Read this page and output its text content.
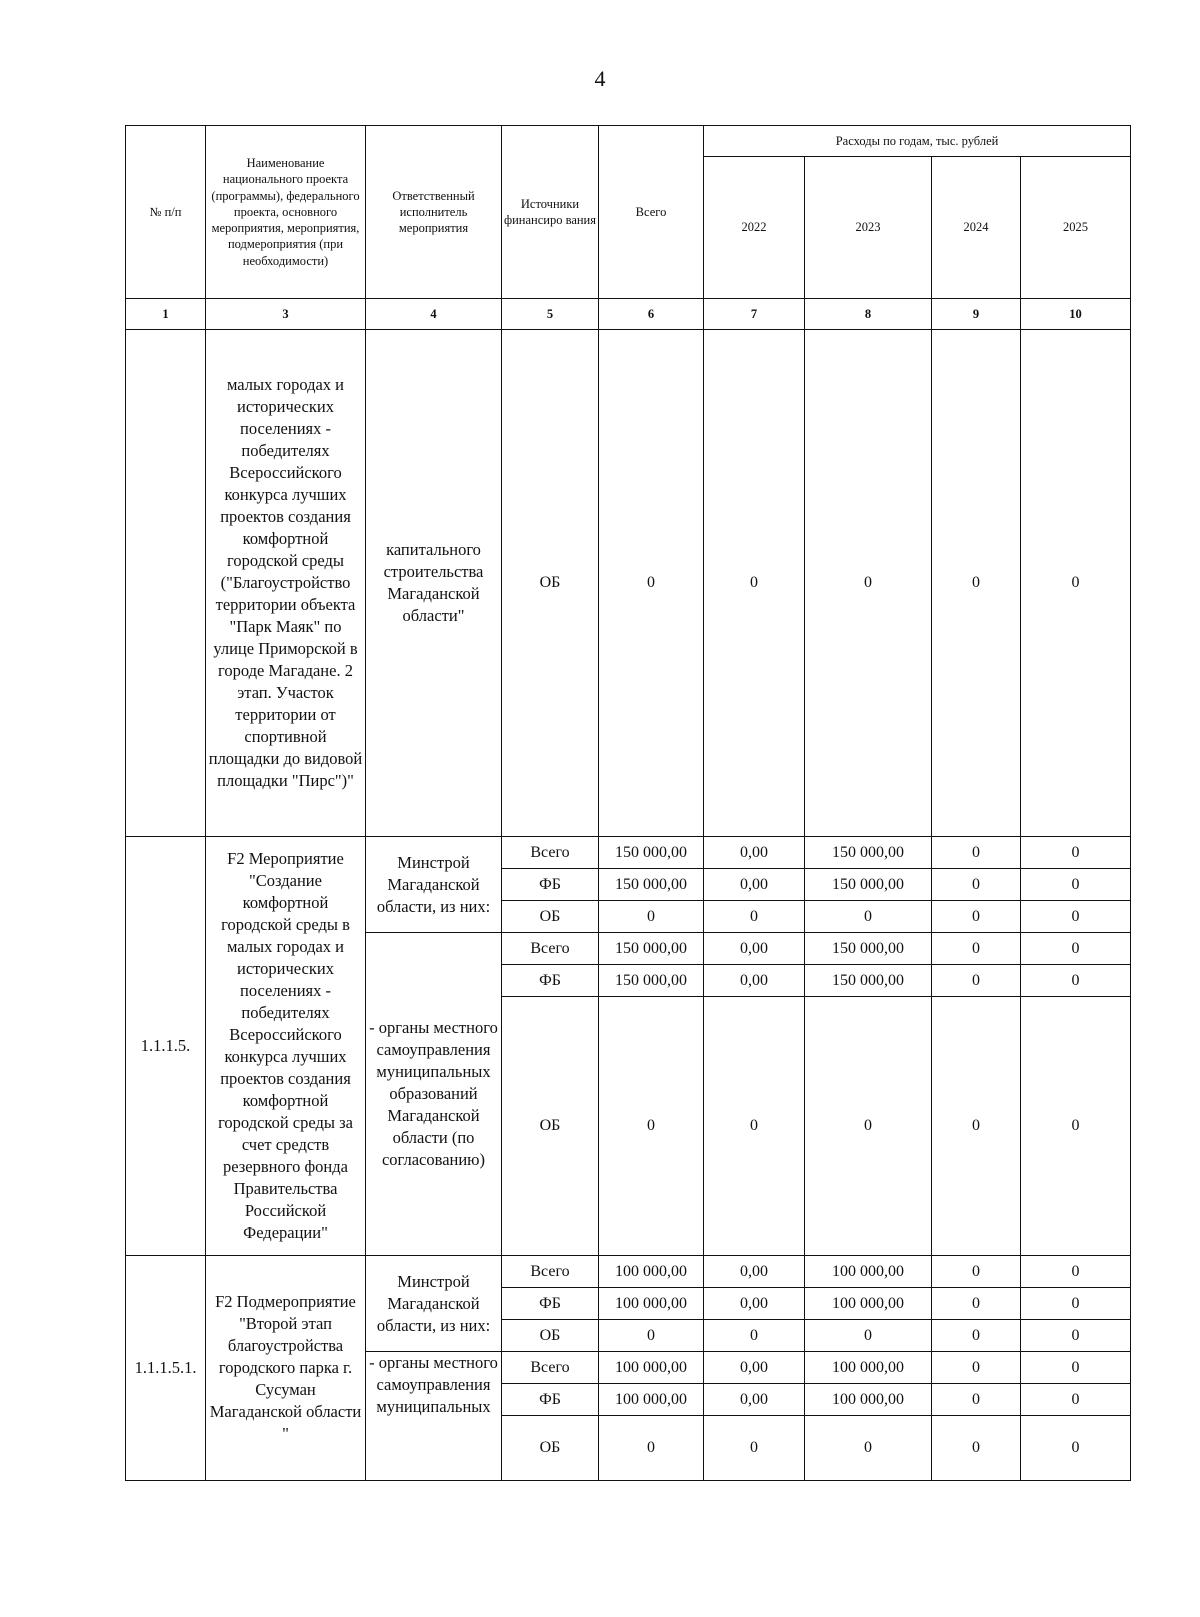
4
№ п/п	Наименование национального проекта (программы), федерального проекта, основного мероприятия, мероприятия, подмероприятия (при необходимости)	Ответственный исполнитель мероприятия	Источники финансиро вания	Всего	Расходы по годам, тыс. рублей			
					2022	2023	2024	2025
1	3	4	5	6	7	8	9	10
	малых городах и исторических поселениях - победителях Всероссийского конкурса лучших проектов создания комфортной городской среды ("Благоустройство территории объекта "Парк Маяк" по улице Приморской в городе Магадане. 2 этап. Участок территории от спортивной площадки до видовой площадки "Пирс")"	капитального строительства Магаданской области"	ОБ	0	0	0	0	0
1.1.1.5.	F2 Мероприятие "Создание комфортной городской среды в малых городах и исторических поселениях - победителях Всероссийского конкурса лучших проектов создания комфортной городской среды за счет средств резервного фонда Правительства Российской Федерации"	Минстрой Магаданской области, из них:	Всего	150 000,00	0,00	150 000,00	0	0
			ФБ	150 000,00	0,00	150 000,00	0	0
			ОБ	0	0	0	0	0
		- органы местного самоуправления муниципальных образований Магаданской области (по согласованию)	Всего	150 000,00	0,00	150 000,00	0	0
			ФБ	150 000,00	0,00	150 000,00	0	0
			ОБ	0	0	0	0	0
1.1.1.5.1.	F2 Подмероприятие "Второй этап благоустройства городского парка г. Сусуман Магаданской области "	Минстрой Магаданской области, из них:	Всего	100 000,00	0,00	100 000,00	0	0
			ФБ	100 000,00	0,00	100 000,00	0	0
			ОБ	0	0	0	0	0
		- органы местного самоуправления муниципальных	Всего	100 000,00	0,00	100 000,00	0	0
			ФБ	100 000,00	0,00	100 000,00	0	0
			ОБ	0	0	0	0	0
